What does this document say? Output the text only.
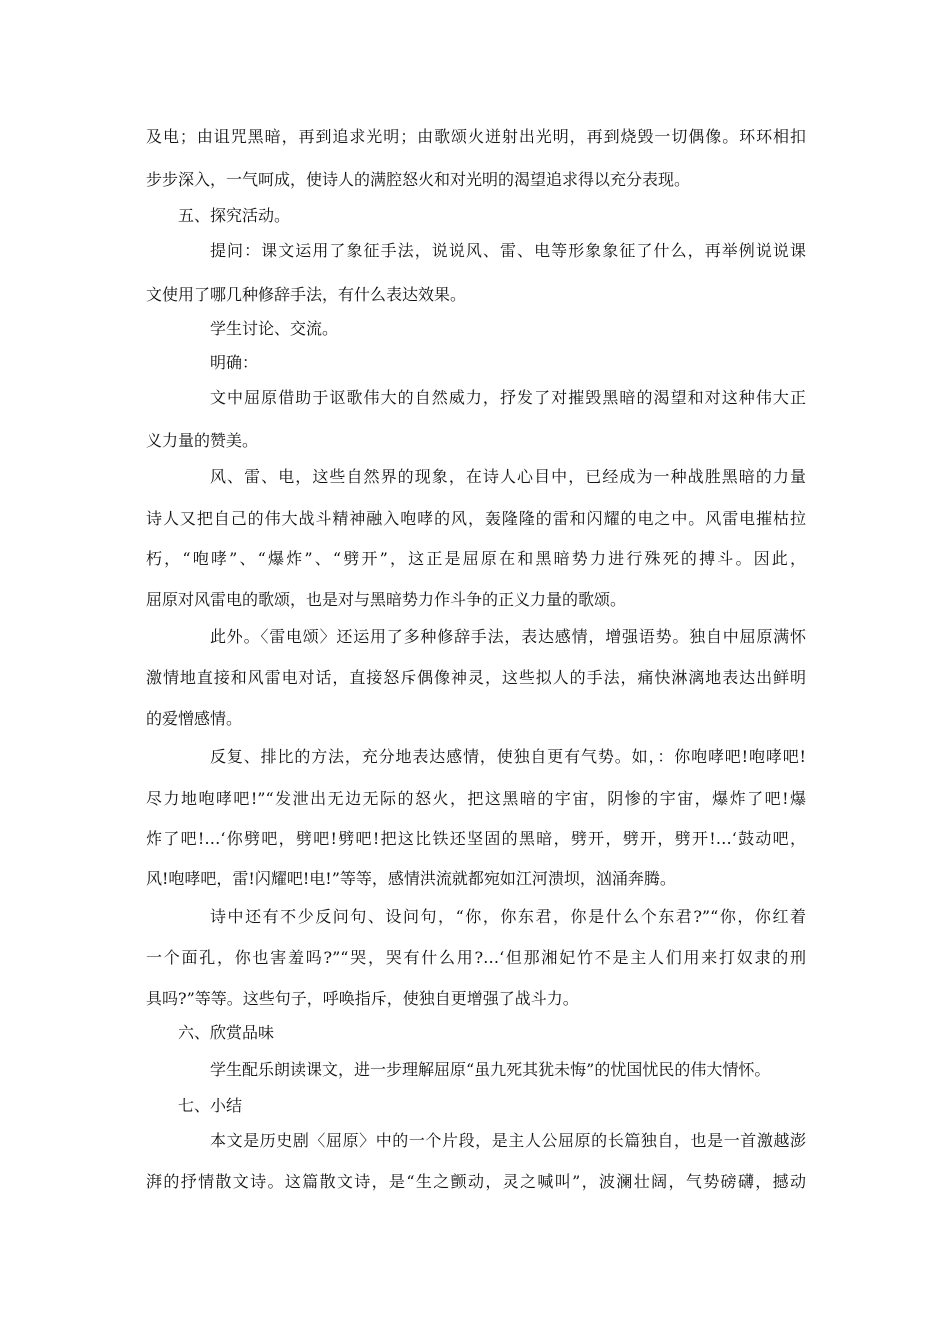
及电；由诅咒黑暗，再到追求光明；由歌颂火迸射出光明，再到烧毁一切偶像。环环相扣
步步深入，一气呵成，使诗人的满腔怒火和对光明的渴望追求得以充分表现。
五、探究活动。
提问：课文运用了象征手法，说说风、雷、电等形象象征了什么，再举例说说课
文使用了哪几种修辞手法，有什么表达效果。
学生讨论、交流。
明确：
文中屈原借助于讴歌伟大的自然威力，抒发了对摧毁黑暗的渴望和对这种伟大正
义力量的赞美。
风、雷、电，这些自然界的现象，在诗人心目中，已经成为一种战胜黑暗的力量
诗人又把自己的伟大战斗精神融入咆哮的风，轰隆隆的雷和闪耀的电之中。风雷电摧枯拉
朽，“咆哮”、“爆炸”、“劈开”，这正是屈原在和黑暗势力进行殊死的搏斗。因此，
屈原对风雷电的歌颂，也是对与黑暗势力作斗争的正义力量的歌颂。
此外。〈雷电颂〉还运用了多种修辞手法，表达感情，增强语势。独自中屈原满怀
激情地直接和风雷电对话，直接怒斥偶像神灵，这些拟人的手法，痛快淋漓地表达出鲜明
的爱憎感情。
反复、排比的方法，充分地表达感情，使独自更有气势。如，：你咆哮吧!咆哮吧!
尽力地咆哮吧!”“发泄出无边无际的怒火，把这黑暗的宇宙，阴惨的宇宙，爆炸了吧!爆
炸了吧!…‘你劈吧，劈吧!劈吧!把这比铁还坚固的黑暗，劈开，劈开，劈开!…‘鼓动吧，
风!咆哮吧，雷!闪耀吧!电!”等等，感情洪流就都宛如江河溃坝，汹涌奔腾。
诗中还有不少反问句、设问句，“你，你东君，你是什么个东君?”“你，你红着
一个面孔，你也害羞吗?”“哭，哭有什么用?…‘但那湘妃竹不是主人们用来打奴隶的刑
具吗?”等等。这些句子，呼唤指斥，使独自更增强了战斗力。
六、欣赏品味
学生配乐朗读课文，进一步理解屈原“虽九死其犹未悔”的忧国忧民的伟大情怀。
七、小结
本文是历史剧〈屈原〉中的一个片段，是主人公屈原的长篇独自，也是一首激越澎
湃的抒情散文诗。这篇散文诗，是“生之颤动，灵之喊叫”，波澜壮阔，气势磅礴，撼动
